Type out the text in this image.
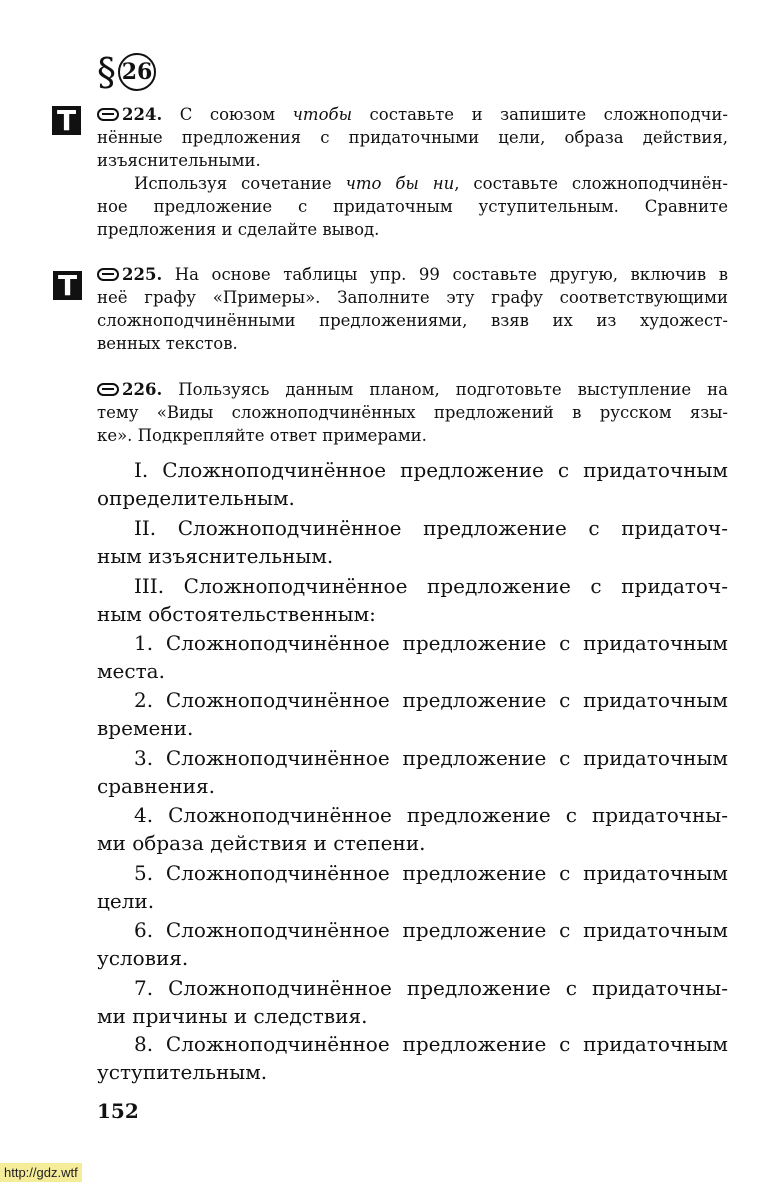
§ 26
Т
Т
224. С союзом чтобы составьте и запишите сложноподчи-
нённые предложения с придаточными цели, образа действия,
изъяснительными.
Используя сочетание что бы ни, составьте сложноподчинён-
ное предложение с придаточным уступительным. Сравните
предложения и сделайте вывод.
225. На основе таблицы упр. 99 составьте другую, включив в
неё графу «Примеры». Заполните эту графу соответствующими
сложноподчинёнными предложениями, взяв их из художест-
венных текстов.
226. Пользуясь данным планом, подготовьте выступление на
тему «Виды сложноподчинённых предложений в русском язы-
ке». Подкрепляйте ответ примерами.
I. Сложноподчинённое предложение с придаточным
определительным.
II. Сложноподчинённое предложение с придаточ-
ным изъяснительным.
III. Сложноподчинённое предложение с придаточ-
ным обстоятельственным:
1. Сложноподчинённое предложение с придаточным
места.
2. Сложноподчинённое предложение с придаточным
времени.
3. Сложноподчинённое предложение с придаточным
сравнения.
4. Сложноподчинённое предложение с придаточны-
ми образа действия и степени.
5. Сложноподчинённое предложение с придаточным
цели.
6. Сложноподчинённое предложение с придаточным
условия.
7. Сложноподчинённое предложение с придаточны-
ми причины и следствия.
8. Сложноподчинённое предложение с придаточным
уступительным.
152
http://gdz.wtf
